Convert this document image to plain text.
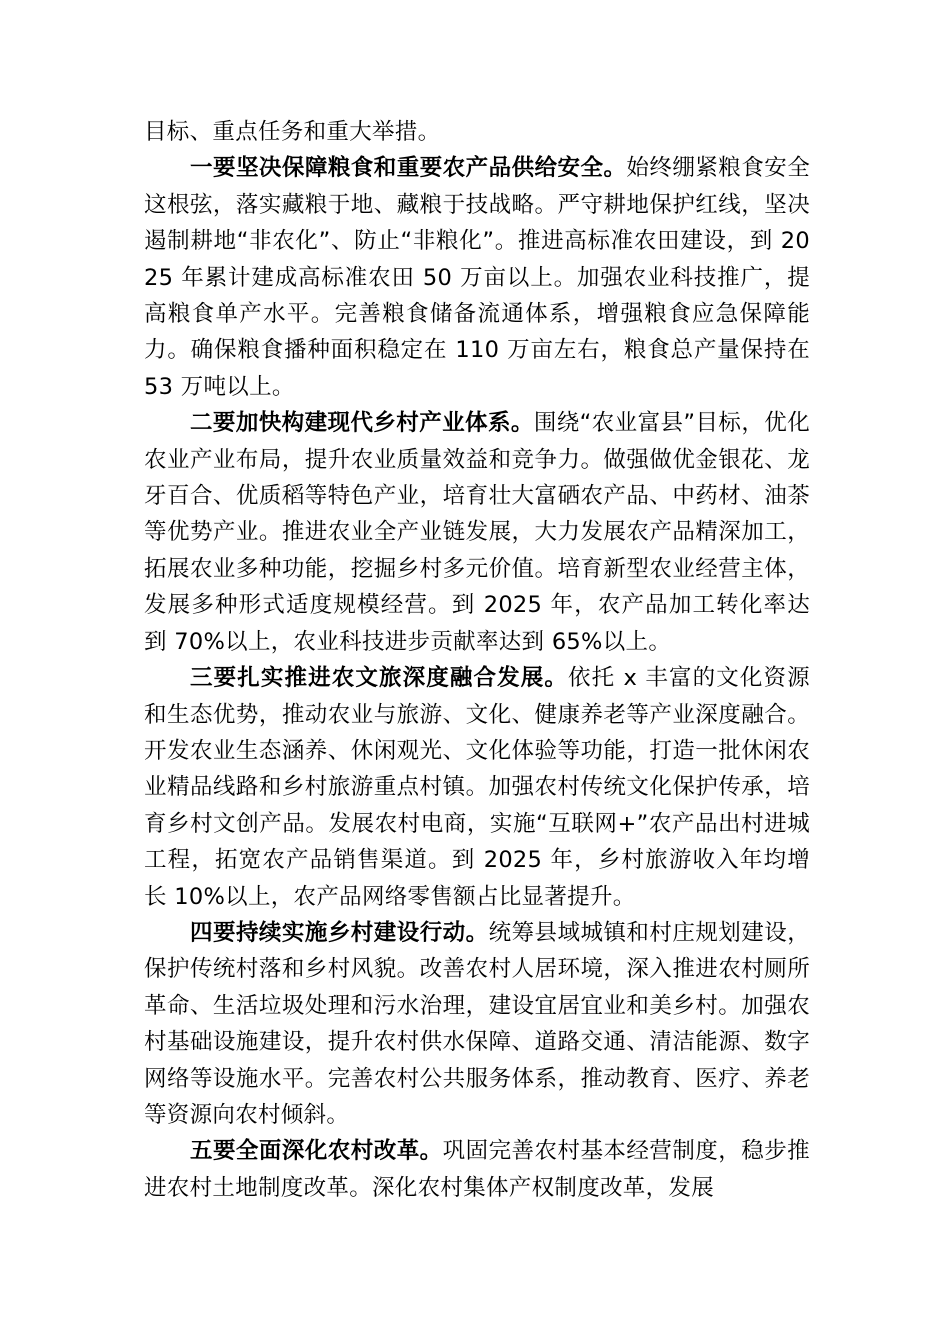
目标、重点任务和重大举措。

一要坚决保障粮食和重要农产品供给安全。始终绷紧粮食安全这根弦，落实藏粮于地、藏粮于技战略。严守耕地保护红线，坚决遏制耕地“非农化”、防止“非粮化”。推进高标准农田建设，到 2025 年累计建成高标准农田 50 万亩以上。加强农业科技推广，提高粮食单产水平。完善粮食储备流通体系，增强粮食应急保障能力。确保粮食播种面积稳定在 110 万亩左右，粮食总产量保持在 53 万吨以上。

二要加快构建现代乡村产业体系。围绕“农业富县”目标，优化农业产业布局，提升农业质量效益和竞争力。做强做优金银花、龙牙百合、优质稻等特色产业，培育壮大富硒农产品、中药材、油茶等优势产业。推进农业全产业链发展，大力发展农产品精深加工，拓展农业多种功能，挖掘乡村多元价值。培育新型农业经营主体，发展多种形式适度规模经营。到 2025 年，农产品加工转化率达到 70%以上，农业科技进步贡献率达到 65%以上。

三要扎实推进农文旅深度融合发展。依托 x 丰富的文化资源和生态优势，推动农业与旅游、文化、健康养老等产业深度融合。开发农业生态涵养、休闲观光、文化体验等功能，打造一批休闲农业精品线路和乡村旅游重点村镇。加强农村传统文化保护传承，培育乡村文创产品。发展农村电商，实施“互联网+”农产品出村进城工程，拓宽农产品销售渠道。到 2025 年，乡村旅游收入年均增长 10%以上，农产品网络零售额占比显著提升。

四要持续实施乡村建设行动。统筹县域城镇和村庄规划建设，保护传统村落和乡村风貌。改善农村人居环境，深入推进农村厕所革命、生活垃圾处理和污水治理，建设宜居宜业和美乡村。加强农村基础设施建设，提升农村供水保障、道路交通、清洁能源、数字网络等设施水平。完善农村公共服务体系，推动教育、医疗、养老等资源向农村倾斜。

五要全面深化农村改革。巩固完善农村基本经营制度，稳步推进农村土地制度改革。深化农村集体产权制度改革，发展
